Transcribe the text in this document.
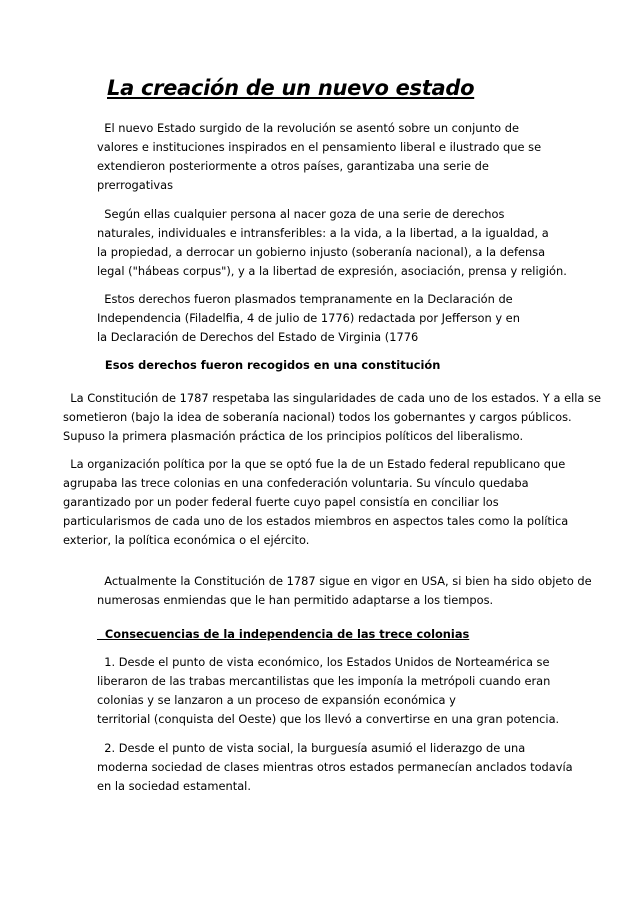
La creación de un nuevo estado
El nuevo Estado surgido de la revolución se asentó sobre un conjunto de
valores e instituciones inspirados en el pensamiento liberal e ilustrado que se
extendieron posteriormente a otros países, garantizaba una serie de
prerrogativas
Según ellas cualquier persona al nacer goza de una serie de derechos
naturales, individuales e intransferibles: a la vida, a la libertad, a la igualdad, a
la propiedad, a derrocar un gobierno injusto (soberanía nacional), a la defensa
legal ("hábeas corpus"), y a la libertad de expresión, asociación, prensa y religión.
Estos derechos fueron plasmados tempranamente en la Declaración de
Independencia (Filadelfia, 4 de julio de 1776) redactada por Jefferson y en
la Declaración de Derechos del Estado de Virginia (1776
Esos derechos fueron recogidos en una constitución
La Constitución de 1787 respetaba las singularidades de cada uno de los estados. Y a ella se
sometieron (bajo la idea de soberanía nacional) todos los gobernantes y cargos públicos.
Supuso la primera plasmación práctica de los principios políticos del liberalismo.
La organización política por la que se optó fue la de un Estado federal republicano que
agrupaba las trece colonias en una confederación voluntaria. Su vínculo quedaba
garantizado por un poder federal fuerte cuyo papel consistía en conciliar los
particularismos de cada uno de los estados miembros en aspectos tales como la política
exterior, la política económica o el ejército.
Actualmente la Constitución de 1787 sigue en vigor en USA, si bien ha sido objeto de
numerosas enmiendas que le han permitido adaptarse a los tiempos.
Consecuencias de la independencia de las trece colonias
1. Desde el punto de vista económico, los Estados Unidos de Norteamérica se
liberaron de las trabas mercantilistas que les imponía la metrópoli cuando eran
colonias y se lanzaron a un proceso de expansión económica y
territorial (conquista del Oeste) que los llevó a convertirse en una gran potencia.
2. Desde el punto de vista social, la burguesía asumió el liderazgo de una
moderna sociedad de clases mientras otros estados permanecían anclados todavía
en la sociedad estamental.
